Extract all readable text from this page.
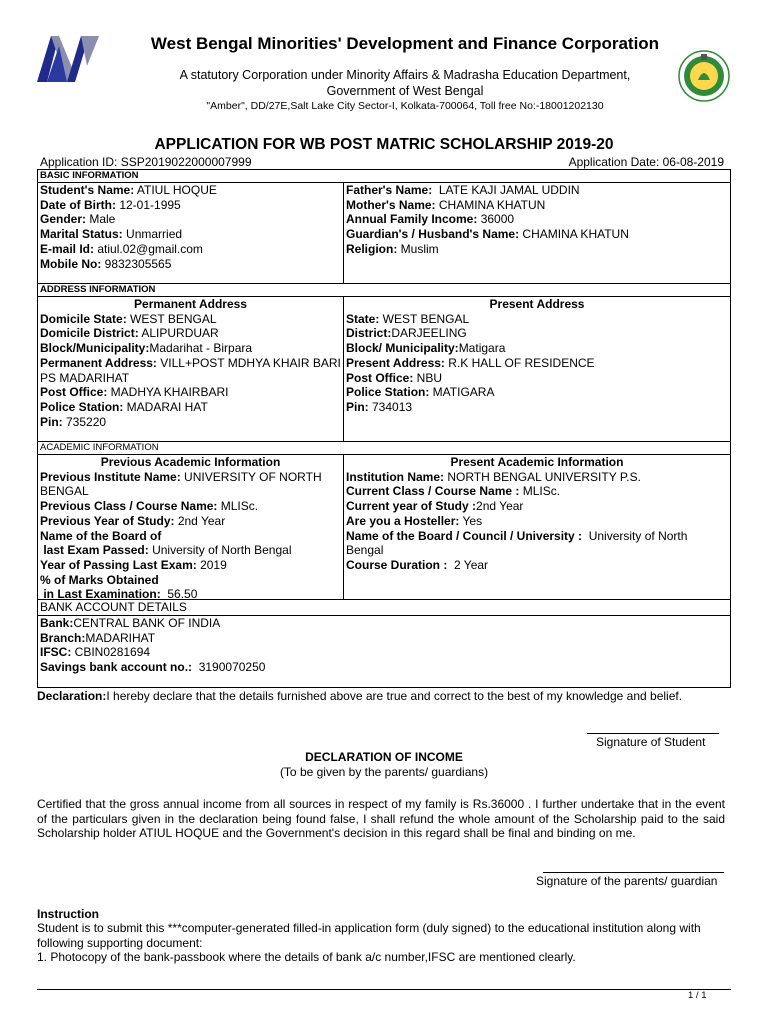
West Bengal Minorities' Development and Finance Corporation
A statutory Corporation under Minority Affairs & Madrasha Education Department,
Government of West Bengal
"Amber", DD/27E,Salt Lake City Sector-I, Kolkata-700064, Toll free No:-18001202130
APPLICATION FOR WB POST MATRIC SCHOLARSHIP 2019-20
Application ID: SSP2019022000007999	Application Date: 06-08-2019
BASIC INFORMATION
Student's Name: ATIUL HOQUE
Date of Birth: 12-01-1995
Gender: Male
Marital Status: Unmarried
E-mail Id: atiul.02@gmail.com
Mobile No: 9832305565
Father's Name:  LATE KAJI JAMAL UDDIN
Mother's Name: CHAMINA KHATUN
Annual Family Income: 36000
Guardian's / Husband's Name: CHAMINA KHATUN
Religion: Muslim
ADDRESS INFORMATION
Permanent Address
Domicile State: WEST BENGAL
Domicile District: ALIPURDUAR
Block/Municipality:Madarihat - Birpara
Permanent Address: VILL+POST MDHYA KHAIR BARI PS MADARIHAT
Post Office: MADHYA KHAIRBARI
Police Station: MADARAI HAT
Pin: 735220
Present Address
State: WEST BENGAL
District:DARJEELING
Block/ Municipality:Matigara
Present Address: R.K HALL OF RESIDENCE
Post Office: NBU
Police Station: MATIGARA
Pin: 734013
ACADEMIC INFORMATION
Previous Academic Information
Previous Institute Name: UNIVERSITY OF NORTH BENGAL
Previous Class / Course Name: MLISc.
Previous Year of Study: 2nd Year
Name of the Board of
last Exam Passed: University of North Bengal
Year of Passing Last Exam: 2019
% of Marks Obtained
in Last Examination:  56.50
Present Academic Information
Institution Name: NORTH BENGAL UNIVERSITY P.S.
Current Class / Course Name : MLISc.
Current year of Study :2nd Year
Are you a Hosteller: Yes
Name of the Board / Council / University :  University of North Bengal
Course Duration :  2 Year
BANK ACCOUNT DETAILS
Bank:CENTRAL BANK OF INDIA
Branch:MADARIHAT
IFSC: CBIN0281694
Savings bank account no.:  3190070250
Declaration:I hereby declare that the details furnished above are true and correct to the best of my knowledge and belief.
Signature of Student
DECLARATION OF INCOME
(To be given by the parents/ guardians)
Certified that the gross annual income from all sources in respect of my family is Rs.36000 . I further undertake that in the event of the particulars given in the declaration being found false, I shall refund the whole amount of the Scholarship paid to the said Scholarship holder ATIUL HOQUE and the Government's decision in this regard shall be final and binding on me.
Signature of the parents/ guardian
Instruction
Student is to submit this ***computer-generated filled-in application form (duly signed) to the educational institution along with following supporting document:
1. Photocopy of the bank-passbook where the details of bank a/c number,IFSC are mentioned clearly.
1 / 1
